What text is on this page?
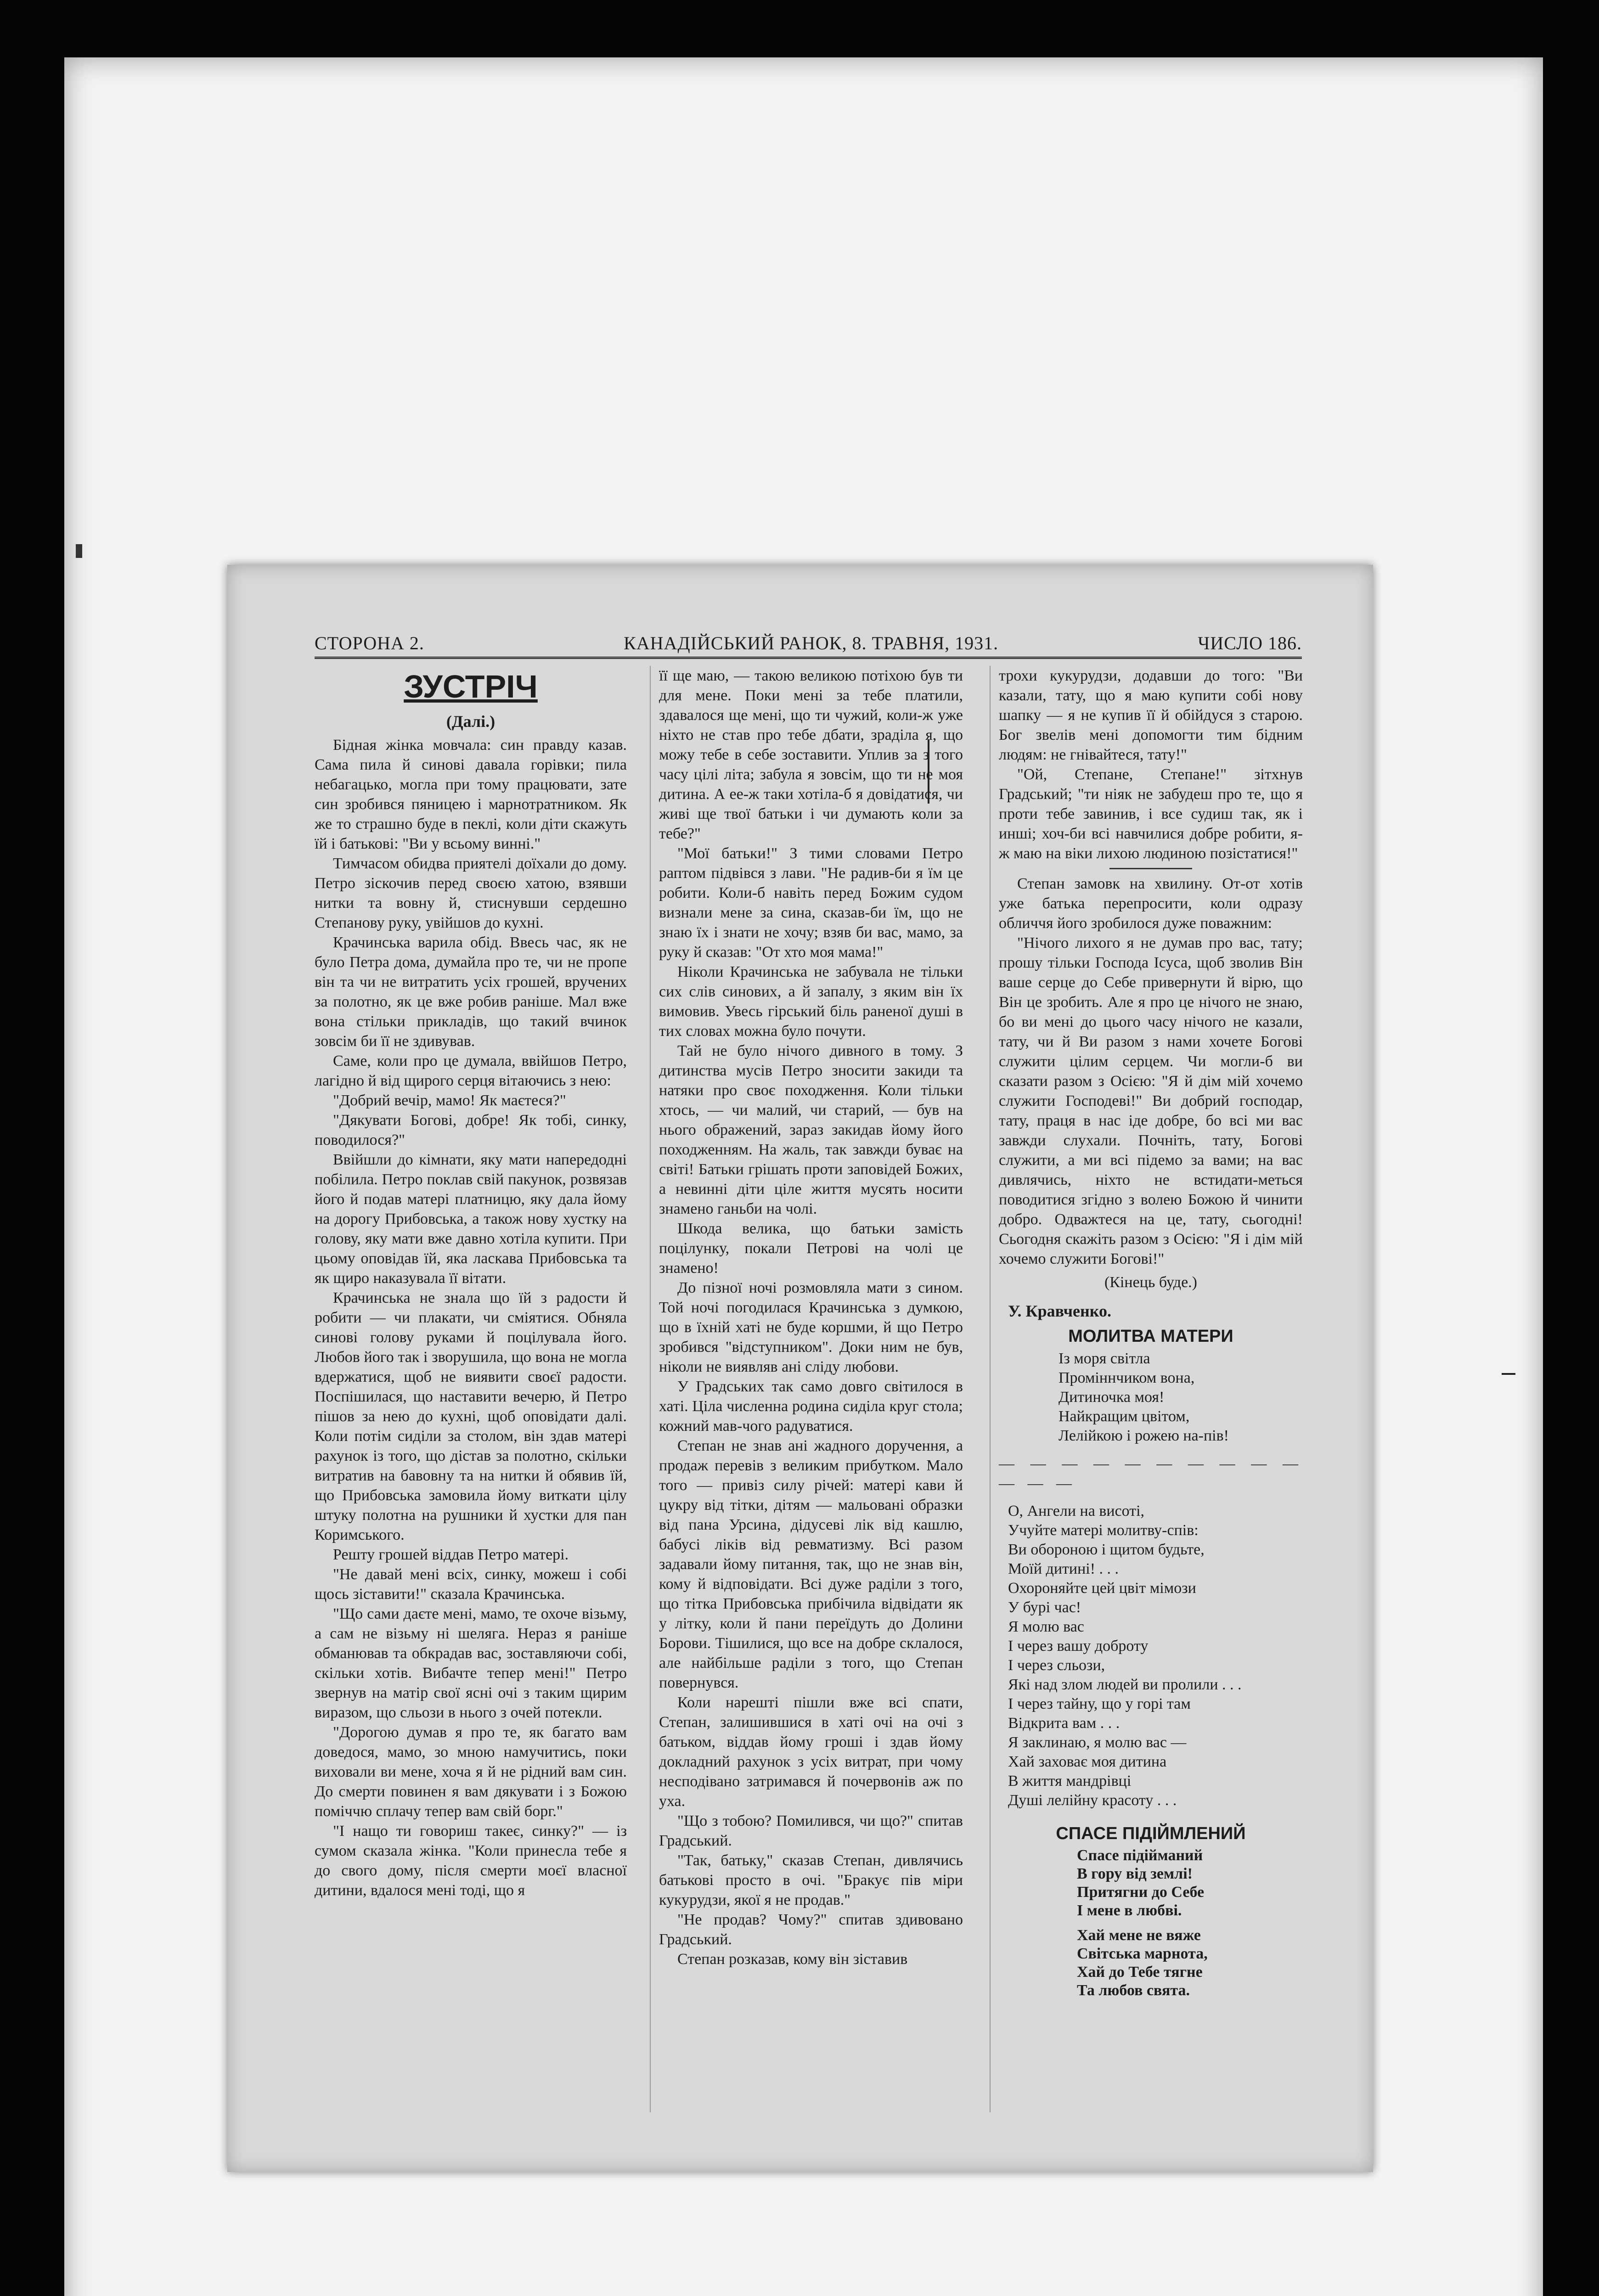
СТОРОНА 2.	КАНАДІЙСЬКИЙ РАНОК, 8. ТРАВНЯ, 1931.	ЧИСЛО 186.
ЗУСТРІЧ
(Далі.)

Бідная жінка мовчала: син правду казав. Сама пила й синові давала горівки; пила небагацько, могла при тому працювати, зате син зробився пяницею і марнотратником. Як же то страшно буде в пеклі, коли діти скажуть їй і батькові: "Ви у всьому винні."

Тимчасом обидва приятелі доїхали до дому. Петро зіскочив перед своєю хатою, взявши нитки та вовну й, стиснувши сердешно Степанову руку, увійшов до кухні.

Крачинська варила обід. Ввесь час, як не було Петра дома, думайла про те, чи не пропе він та чи не витратить усіх грошей, вручених за полотно, як це вже робив раніше. Мал вже вона стільки прикладів, що такий вчинок зовсім би її не здивував.

Саме, коли про це думала, ввійшов Петро, лагідно й від щирого серця вітаючись з нею:

"Добрий вечір, мамо! Як маєтеся?"

"Дякувати Богові, добре! Як тобі, синку, поводилося?"

Ввійшли до кімнати, яку мати напередодні побілила. Петро поклав свій пакунок, розвязав його й подав матері платницю, яку дала йому на дорогу Прибовська, а також нову хустку на голову, яку мати вже давно хотіла купити. При цьому оповідав їй, яка ласкава Прибовська та як щиро наказувала її вітати.

Крачинська не знала що їй з радости й робити — чи плакати, чи сміятися. Обняла синові голову руками й поцілувала його. Любов його так і зворушила, що вона не могла вдержатися, щоб не виявити своєї радости. Поспішилася, що наставити вечерю, й Петро пішов за нею до кухні, щоб оповідати далі. Коли потім сиділи за столом, він здав матері рахунок із того, що дістав за полотно, скільки витратив на бавовну та на нитки й обявив їй, що Прибовська замовила йому виткати цілу штуку полотна на рушники й хустки для пан Коримського.

Решту грошей віддав Петро матері.

"Не давай мені всіх, синку, можеш і собі щось зіставити!" сказала Крачинська.

"Що сами даєте мені, мамо, те охоче візьму, а сам не візьму ні шеляга. Нераз я раніше обманював та обкрадав вас, зоставляючи собі, скільки хотів. Вибачте тепер мені!" Петро звернув на матір свої ясні очі з таким щирим виразом, що сльози в нього з очей потекли.

"Дорогою думав я про те, як багато вам доведося, мамо, зо мною намучитись, поки виховали ви мене, хоча я й не рідний вам син. До смерти повинен я вам дякувати і з Божою поміччю сплачу тепер вам свій борг."

"І нащо ти говориш такеє, синку?" — із сумом сказала жінка. "Коли принесла тебе я до свого дому, після смерти моєї власної дитини, вдалося мені тоді, що я

її ще маю, — такою великою потіхою був ти для мене. Поки мені за тебе платили, здавалося ще мені, що ти чужий, коли-ж уже ніхто не став про тебе дбати, зраділа я, що можу тебе в себе зоставити. Уплив за з того часу цілі літа; забула я зовсім, що ти не моя дитина. А ее-ж таки хотіла-б я довідатися, чи живі ще твої батьки і чи думають коли за тебе?"

"Мої батьки!" З тими словами Петро раптом підвівся з лави. "Не радив-би я їм це робити. Коли-б навіть перед Божим судом визнали мене за сина, сказав-би їм, що не знаю їх і знати не хочу; взяв би вас, мамо, за руку й сказав: "От хто моя мама!"

Ніколи Крачинська не забувала не тільки сих слів синових, а й запалу, з яким він їх вимовив. Увесь гірський біль раненої душі в тих словах можна було почути.

Тай не було нічого дивного в тому. З дитинства мусів Петро зносити закиди та натяки про своє походження. Коли тільки хтось, — чи малий, чи старий, — був на нього ображений, зараз закидав йому його походженням. На жаль, так завжди буває на світі! Батьки грішать проти заповідей Божих, а невинні діти ціле життя мусять носити знамено ганьби на чолі.

Шкода велика, що батьки замість поцілунку, покали Петрові на чолі це знамено!

До пізної ночі розмовляла мати з сином. Той ночі погодилася Крачинська з думкою, що в їхній хаті не буде коршми, й що Петро зробився "відступником". Доки ним не був, ніколи не виявляв ані сліду любови.

У Градських так само довго світилося в хаті. Ціла численна родина сиділа круг стола; кожний мав-чого радуватися.

Степан не знав ані жадного доручення, а продаж перевів з великим прибутком. Мало того — привіз силу річей: матері кави й цукру від тітки, дітям — мальовані образки від пана Урсина, дідусеві лік від кашлю, бабусі ліків від ревматизму. Всі разом задавали йому питання, так, що не знав він, кому й відповідати. Всі дуже раділи з того, що тітка Прибовська прибічила відвідати як у літку, коли й пани переїдуть до Долини Борови. Тішилися, що все на добре склалося, але найбільше раділи з того, що Степан повернувся.

Коли нарешті пішли вже всі спати, Степан, залишившися в хаті очі на очі з батьком, віддав йому гроші і здав йому докладний рахунок з усіх витрат, при чому несподівано затримався й почервонів аж по уха.

"Що з тобою? Помилився, чи що?" спитав Градський.

"Так, батьку," сказав Степан, дивлячись батькові просто в очі. "Бракує пів міри кукурудзи, якої я не продав."

"Не продав? Чому?" спитав здивовано Градський.

Степан розказав, кому він зіставив

трохи кукурудзи, додавши до того: "Ви казали, тату, що я маю купити собі нову шапку — я не купив її й обійдуся з старою. Бог звелів мені допомогти тим бідним людям: не гнівайтеся, тату!"

"Ой, Степане, Степане!" зітхнув Градський; "ти ніяк не забудеш про те, що я проти тебе завинив, і все судиш так, як і инші; хоч-би всі навчилися добре робити, я-ж маю на віки лихою людиною позістатися!"

Степан замовк на хвилину. От-от хотів уже батька перепросити, коли одразу обличчя його зробилося дуже поважним:

"Нічого лихого я не думав про вас, тату; прошу тільки Господа Ісуса, щоб зволив Він ваше серце до Себе привернути й вірю, що Він це зробить. Але я про це нічого не знаю, бо ви мені до цього часу нічого не казали, тату, чи й Ви разом з нами хочете Богові служити цілим серцем. Чи могли-б ви сказати разом з Осією: "Я й дім мій хочемо служити Господеві!" Ви добрий господар, тату, праця в нас іде добре, бо всі ми вас завжди слухали. Почніть, тату, Богові служити, а ми всі підемо за вами; на вас дивлячись, ніхто не встидати-меться поводитися згідно з волею Божою й чинити добро. Одважтеся на це, тату, сьогодні! Сьогодня скажіть разом з Осією: "Я і дім мій хочемо служити Богові!"

(Кінець буде.)
У. Кравченко.
МОЛИТВА МАТЕРИ
Із моря світла
Проміннчиком вона,
Дитиночка моя!
Найкращим цвітом,
Лелійкою і рожею на-пів!
— — — — — — — — — — — — —
О, Ангели на висоті,
Учуйте матері молитву-спів:
Ви обороною і щитом будьте,
Моїй дитині! . . .
Охороняйте цей цвіт мімози
У бурі час!
Я молю вас
І через вашу доброту
І через сльози,
Які над злом людей ви пролили . . .
І через тайну, що у горі там
Відкрита вам . . .
Я заклинаю, я молю вас —
Хай заховає моя дитина
В життя мандрівці
Душі лелійну красоту . . .
СПАСЕ ПІДІЙМЛЕНИЙ
Спасе підійманий
В гору від землі!
Притягни до Себе
І мене в любві.
Хай мене не вяже
Світська марнота,
Хай до Тебе тягне
Та любов свята.
